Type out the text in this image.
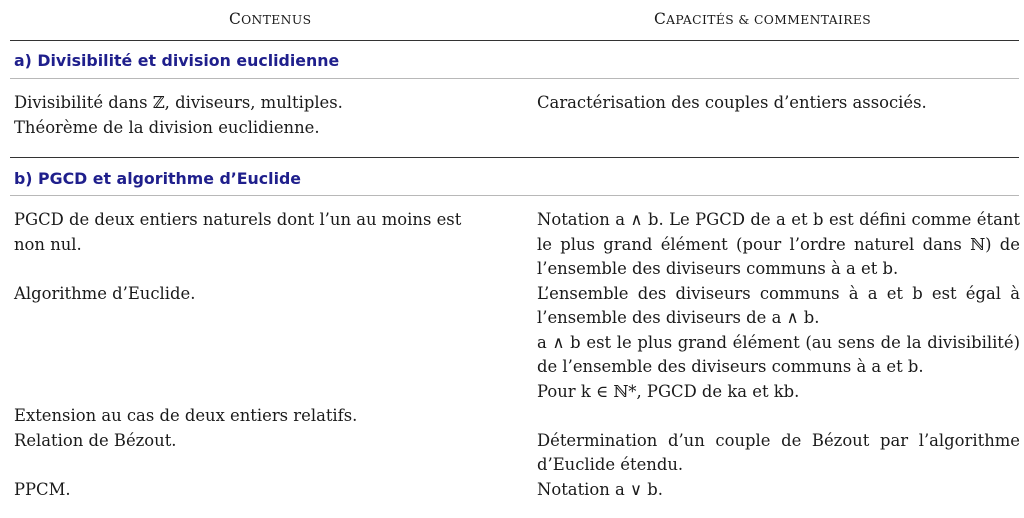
CONTENUS	CAPACITÉS & COMMENTAIRES
a) Divisibilité et division euclidienne
Divisibilité dans ℤ, diviseurs, multiples.
Théorème de la division euclidienne.
Caractérisation des couples d’entiers associés.
b) PGCD et algorithme d’Euclide
PGCD de deux entiers naturels dont l’un au moins est
non nul.

Algorithme d’Euclide.

Extension au cas de deux entiers relatifs.
Relation de Bézout.

PPCM.
Notation a ∧ b. Le PGCD de a et b est défini comme étant
le plus grand élément (pour l’ordre naturel dans ℕ) de
l’ensemble des diviseurs communs à a et b.
L’ensemble des diviseurs communs à a et b est égal à
l’ensemble des diviseurs de a ∧ b.
a ∧ b est le plus grand élément (au sens de la divisibilité)
de l’ensemble des diviseurs communs à a et b.
Pour k ∈ ℕ*, PGCD de ka et kb.

Détermination d’un couple de Bézout par l’algorithme
d’Euclide étendu.
Notation a ∨ b.
